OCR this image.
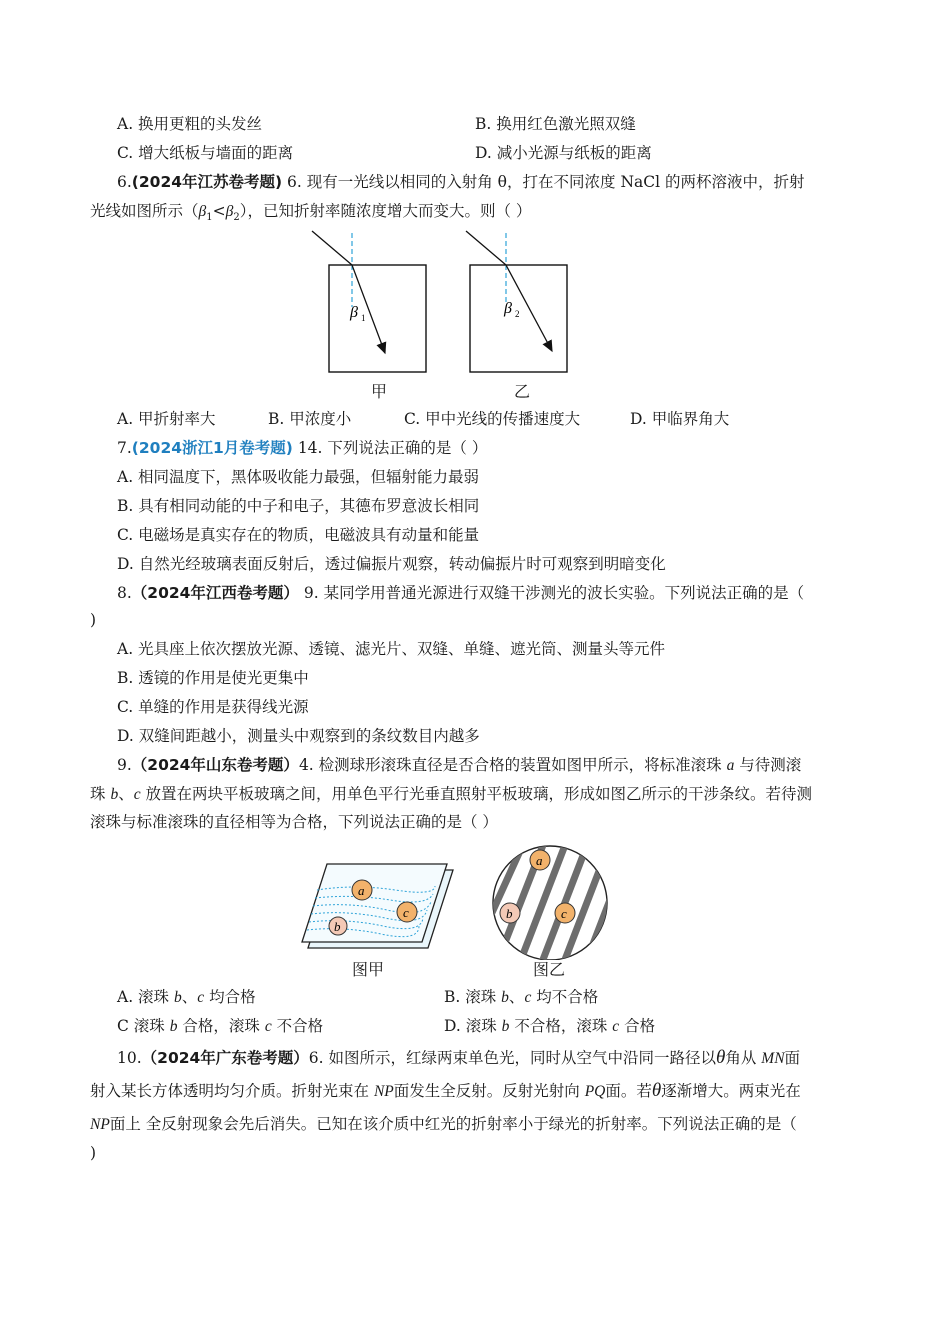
A. 换用更粗的头发丝	B. 换用红色激光照双缝
C. 增大纸板与墙面的距离	D. 减小光源与纸板的距离
6.(2024年江苏卷考题) 6. 现有一光线以相同的入射角 θ，打在不同浓度 NaCl 的两杯溶液中，折射
光线如图所示$(\beta_1<\beta_2)$，已知折射率随浓度增大而变大。则（ ）
β 1
β 2
甲	乙
A. 甲折射率大	B. 甲浓度小	C. 甲中光线的传播速度大	D. 甲临界角大
7.(2024浙江1月卷考题) 14. 下列说法正确的是（ ）
A. 相同温度下，黑体吸收能力最强，但辐射能力最弱
B. 具有相同动能的中子和电子，其德布罗意波长相同
C. 电磁场是真实存在的物质，电磁波具有动量和能量
D. 自然光经玻璃表面反射后，透过偏振片观察，转动偏振片时可观察到明暗变化
8.（2024年江西卷考题） 9. 某同学用普通光源进行双缝干涉测光的波长实验。下列说法正确的是（
)
A. 光具座上依次摆放光源、透镜、滤光片、双缝、单缝、遮光筒、测量头等元件
B. 透镜的作用是使光更集中
C. 单缝的作用是获得线光源
D. 双缝间距越小，测量头中观察到的条纹数目内越多
9.（2024年山东卷考题）4. 检测球形滚珠直径是否合格的装置如图甲所示，将标准滚珠 a 与待测滚
珠 b、c 放置在两块平板玻璃之间，用单色平行光垂直照射平板玻璃，形成如图乙所示的干涉条纹。若待测
滚珠与标准滚珠的直径相等为合格，下列说法正确的是（ ）
a
c
b
a
b	c
图甲	图乙
A. 滚珠 b、c 均合格	B. 滚珠 b、c 均不合格
C 滚珠 b 合格，滚珠 c 不合格	D. 滚珠 b 不合格，滚珠 c 合格
10.（2024年广东卷考题）6. 如图所示，红绿两束单色光，同时从空气中沿同一路径以θ角从 MN面
射入某长方体透明均匀介质。折射光束在 NP面发生全反射。反射光射向 PQ面。若θ逐渐增大。两束光在
NP面上 全反射现象会先后消失。已知在该介质中红光的折射率小于绿光的折射率。下列说法正确的是（
)
